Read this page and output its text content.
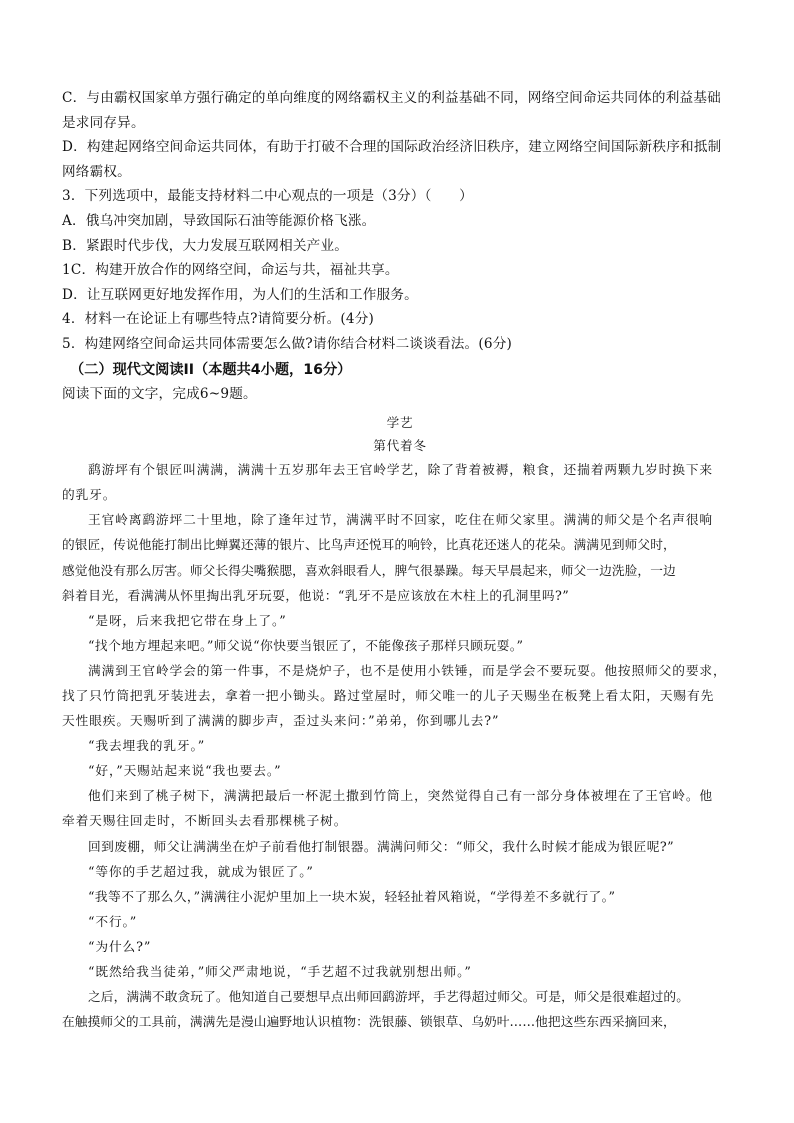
C．与由霸权国家单方强行确定的单向维度的网络霸权主义的利益基础不同，网络空间命运共同体的利益基础
是求同存异。
D．构建起网络空间命运共同体，有助于打破不合理的国际政治经济旧秩序，建立网络空间国际新秩序和抵制
网络霸权。
3．下列选项中，最能支持材料二中心观点的一项是（3分）（　　）
A．俄乌冲突加剧，导致国际石油等能源价格飞涨。
B．紧跟时代步伐，大力发展互联网相关产业。
1C．构建开放合作的网络空间，命运与共，福祉共享。
D．让互联网更好地发挥作用，为人们的生活和工作服务。
4．材料一在论证上有哪些特点?请简要分析。(4分)
5．构建网络空间命运共同体需要怎么做?请你结合材料二谈谈看法。(6分)
（二）现代文阅读II（本题共4小题，16分）
阅读下面的文字，完成6~9题。
学艺
第代着冬
鹞游坪有个银匠叫满满，满满十五岁那年去王官岭学艺，除了背着被褥，粮食，还揣着两颗九岁时换下来
的乳牙。
王官岭离鹞游坪二十里地，除了逢年过节，满满平时不回家，吃住在师父家里。满满的师父是个名声很响
的银匠，传说他能打制出比蝉翼还薄的银片、比鸟声还悦耳的响铃，比真花还迷人的花朵。满满见到师父时，
感觉他没有那么厉害。师父长得尖嘴猴腮，喜欢斜眼看人，脾气很暴躁。每天早晨起来，师父一边洗脸，一边
斜着目光，看满满从怀里掏出乳牙玩耍，他说：“乳牙不是应该放在木柱上的孔洞里吗?”
“是呀，后来我把它带在身上了。”
“找个地方埋起来吧。”师父说“你快要当银匠了，不能像孩子那样只顾玩耍。”
满满到王官岭学会的第一件事，不是烧炉子，也不是使用小铁锤，而是学会不要玩耍。他按照师父的要求，
找了只竹筒把乳牙装进去，拿着一把小锄头。路过堂屋时，师父唯一的儿子天赐坐在板凳上看太阳，天赐有先
天性眼疾。天赐听到了满满的脚步声，歪过头来问：”弟弟，你到哪儿去?”
“我去埋我的乳牙。”
“好，”天赐站起来说“我也要去。”
他们来到了桃子树下，满满把最后一杯泥土撒到竹筒上，突然觉得自己有一部分身体被埋在了王官岭。他
牵着天赐往回走时，不断回头去看那棵桃子树。
回到废棚，师父让满满坐在炉子前看他打制银器。满满问师父：“师父，我什么时候才能成为银匠呢?”
“等你的手艺超过我，就成为银匠了。”
“我等不了那么久，”满满往小泥炉里加上一块木炭，轻轻扯着风箱说，“学得差不多就行了。”
“不行。”
“为什么?”
“既然给我当徒弟，”师父严肃地说，“手艺超不过我就别想出师。”
之后，满满不敢贪玩了。他知道自己要想早点出师回鹞游坪，手艺得超过师父。可是，师父是很难超过的。
在触摸师父的工具前，满满先是漫山遍野地认识植物：洗银藤、锁银草、乌奶叶……他把这些东西采摘回来，
